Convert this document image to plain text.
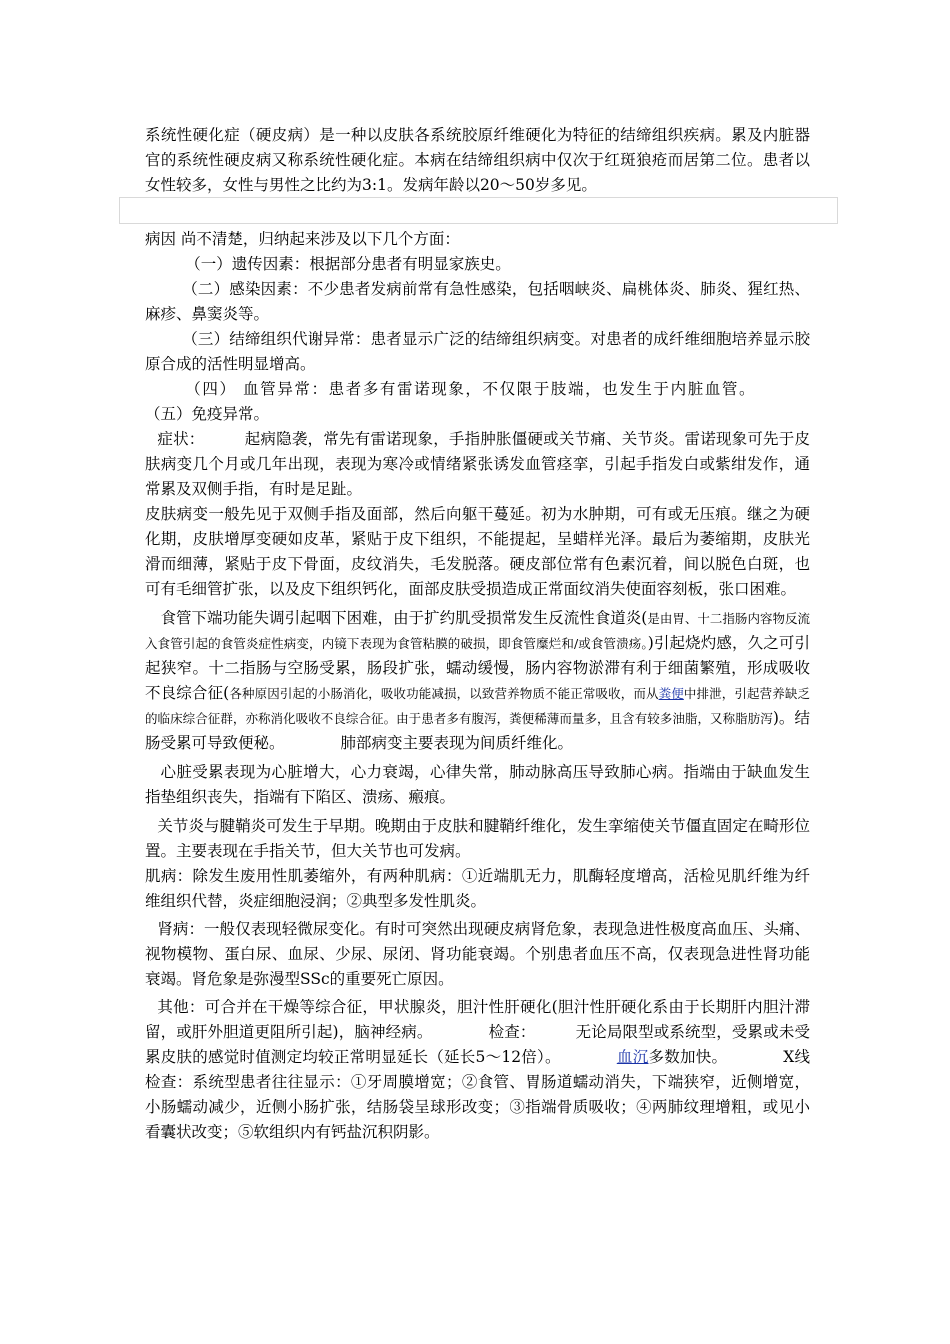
系统性硬化症（硬皮病）是一种以皮肤各系统胶原纤维硬化为特征的结缔组织疾病。累及内脏器官的系统性硬皮病又称系统性硬化症。本病在结缔组织病中仅次于红斑狼疮而居第二位。患者以女性较多，女性与男性之比约为3:1。发病年龄以20～50岁多见。

病因 尚不清楚，归纳起来涉及以下几个方面：

（一）遗传因素：根据部分患者有明显家族史。

（二）感染因素：不少患者发病前常有急性感染，包括咽峡炎、扁桃体炎、肺炎、猩红热、麻疹、鼻窦炎等。

（三）结缔组织代谢异常：患者显示广泛的结缔组织病变。对患者的成纤维细胞培养显示胶原合成的活性明显增高。

（四） 血管异常：患者多有雷诺现象，不仅限于肢端，也发生于内脏血管。

（五）免疫异常。

症状：	起病隐袭，常先有雷诺现象，手指肿胀僵硬或关节痛、关节炎。雷诺现象可先于皮肤病变几个月或几年出现，表现为寒冷或情绪紧张诱发血管痉挛，引起手指发白或紫绀发作，通常累及双侧手指，有时是足趾。

皮肤病变一般先见于双侧手指及面部，然后向躯干蔓延。初为水肿期，可有或无压痕。继之为硬化期，皮肤增厚变硬如皮革，紧贴于皮下组织，不能提起，呈蜡样光泽。最后为萎缩期，皮肤光滑而细薄，紧贴于皮下骨面，皮纹消失，毛发脱落。硬皮部位常有色素沉着，间以脱色白斑，也可有毛细管扩张，以及皮下组织钙化，面部皮肤受损造成正常面纹消失使面容刻板，张口困难。

食管下端功能失调引起咽下困难，由于扩约肌受损常发生反流性食道炎(是由胃、十二指肠内容物反流入食管引起的食管炎症性病变，内镜下表现为食管粘膜的破损，即食管糜烂和/或食管溃疡。)引起烧灼感，久之可引起狭窄。十二指肠与空肠受累，肠段扩张，蠕动缓慢，肠内容物淤滞有利于细菌繁殖，形成吸收不良综合征(各种原因引起的小肠消化，吸收功能减损，以致营养物质不能正常吸收，而从粪便中排泄，引起营养缺乏的临床综合征群，亦称消化吸收不良综合征。由于患者多有腹泻，粪便稀薄而量多，且含有较多油脂，又称脂肪泻)。结肠受累可导致便秘。	肺部病变主要表现为间质纤维化。

心脏受累表现为心脏增大，心力衰竭，心律失常，肺动脉高压导致肺心病。指端由于缺血发生指垫组织丧失，指端有下陷区、溃疡、瘢痕。

关节炎与腱鞘炎可发生于早期。晚期由于皮肤和腱鞘纤维化，发生挛缩使关节僵直固定在畸形位置。主要表现在手指关节，但大关节也可发病。

肌病：除发生废用性肌萎缩外，有两种肌病：①近端肌无力，肌酶轻度增高，活检见肌纤维为纤维组织代替，炎症细胞浸润；②典型多发性肌炎。

肾病：一般仅表现轻微尿变化。有时可突然出现硬皮病肾危象，表现急进性极度高血压、头痛、视物模物、蛋白尿、血尿、少尿、尿闭、肾功能衰竭。个别患者血压不高，仅表现急进性肾功能衰竭。肾危象是弥漫型SSc的重要死亡原因。

其他：可合并在干燥等综合征，甲状腺炎，胆汁性肝硬化(胆汁性肝硬化系由于长期肝内胆汁滞留，或肝外胆道更阻所引起)，脑神经病。	检查：	无论局限型或系统型，受累或未受累皮肤的感觉时值测定均较正常明显延长（延长5～12倍）。	血沉多数加快。	X线检查：系统型患者往往显示：①牙周膜增宽；②食管、胃肠道蠕动消失，下端狭窄，近侧增宽，小肠蠕动减少，近侧小肠扩张，结肠袋呈球形改变；③指端骨质吸收；④两肺纹理增粗，或见小看囊状改变；⑤软组织内有钙盐沉积阴影。
